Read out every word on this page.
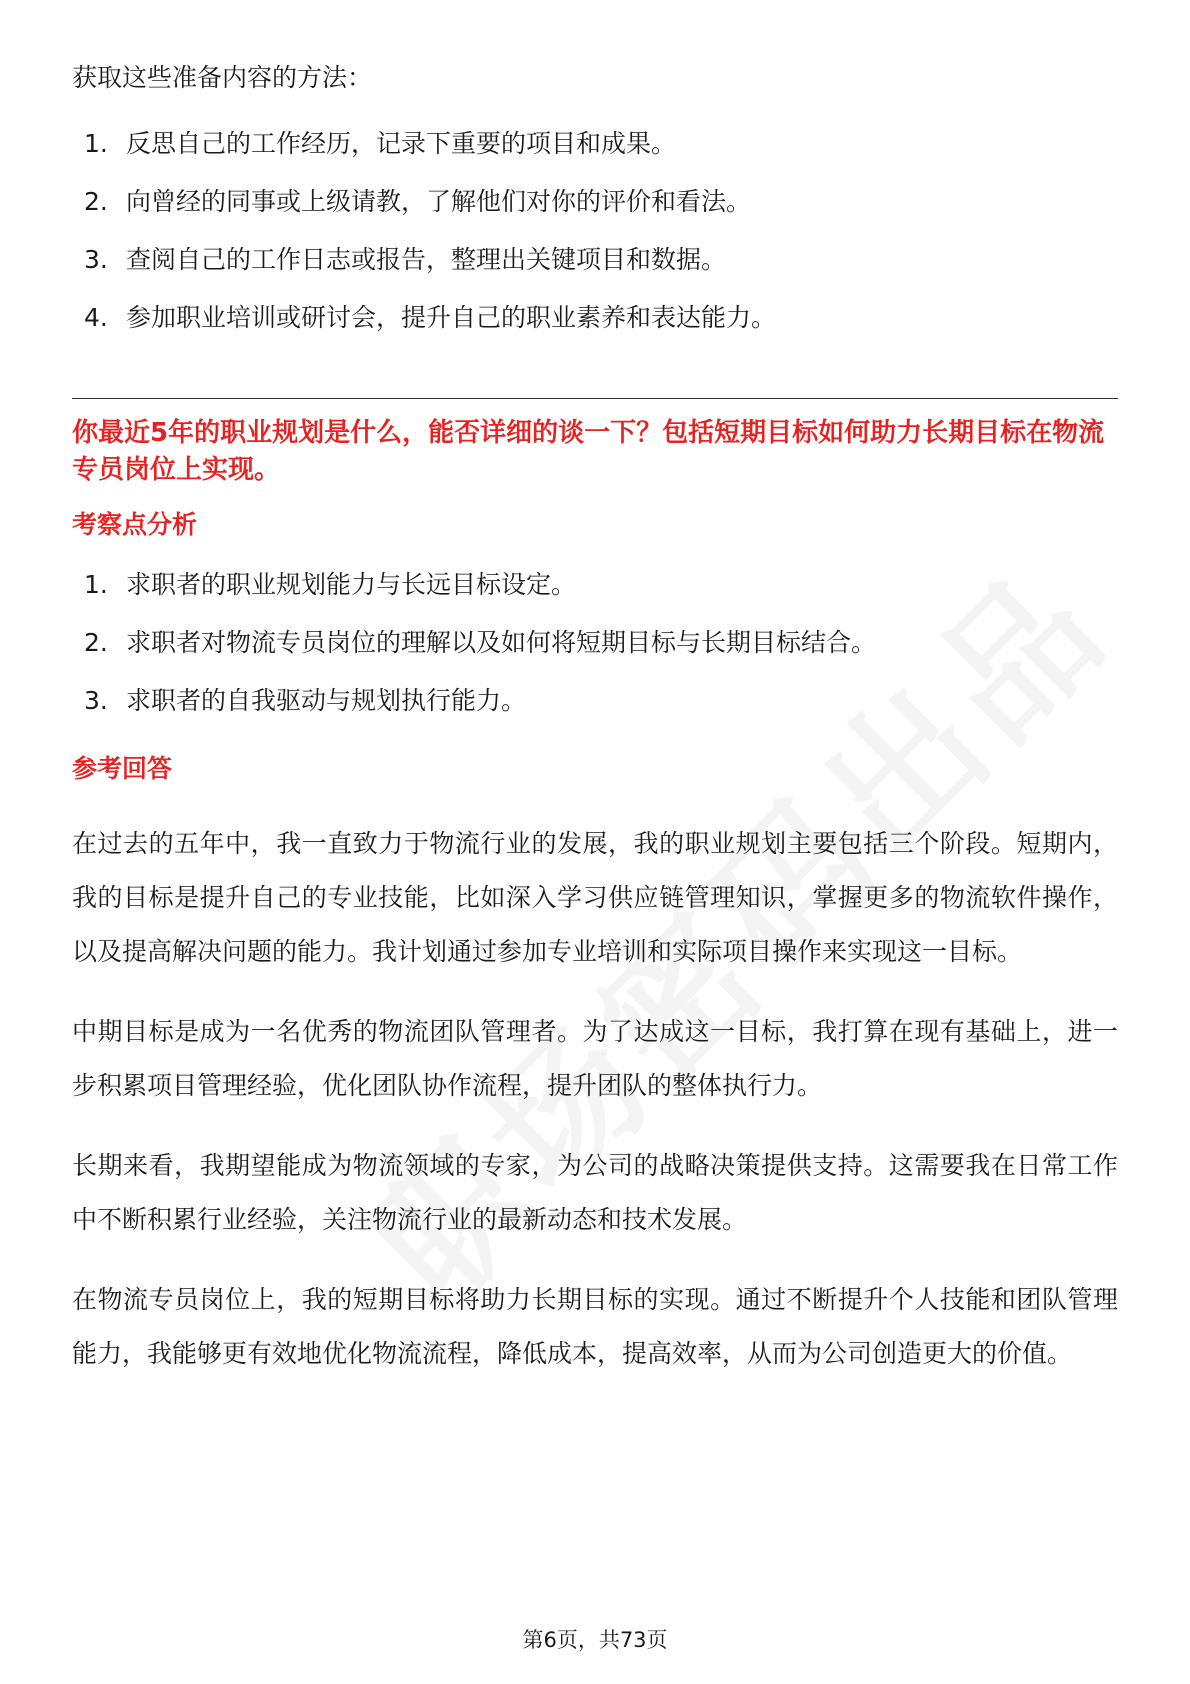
获取这些准备内容的方法：

1. 反思自己的工作经历，记录下重要的项目和成果。
2. 向曾经的同事或上级请教，了解他们对你的评价和看法。
3. 查阅自己的工作日志或报告，整理出关键项目和数据。
4. 参加职业培训或研讨会，提升自己的职业素养和表达能力。

你最近5年的职业规划是什么，能否详细的谈一下？包括短期目标如何助力长期目标在物流专员岗位上实现。

考察点分析

1. 求职者的职业规划能力与长远目标设定。
2. 求职者对物流专员岗位的理解以及如何将短期目标与长期目标结合。
3. 求职者的自我驱动与规划执行能力。

参考回答

在过去的五年中，我一直致力于物流行业的发展，我的职业规划主要包括三个阶段。短期内，我的目标是提升自己的专业技能，比如深入学习供应链管理知识，掌握更多的物流软件操作，以及提高解决问题的能力。我计划通过参加专业培训和实际项目操作来实现这一目标。

中期目标是成为一名优秀的物流团队管理者。为了达成这一目标，我打算在现有基础上，进一步积累项目管理经验，优化团队协作流程，提升团队的整体执行力。

长期来看，我期望能成为物流领域的专家，为公司的战略决策提供支持。这需要我在日常工作中不断积累行业经验，关注物流行业的最新动态和技术发展。

在物流专员岗位上，我的短期目标将助力长期目标的实现。通过不断提升个人技能和团队管理能力，我能够更有效地优化物流流程，降低成本，提高效率，从而为公司创造更大的价值。

第6页，共73页
